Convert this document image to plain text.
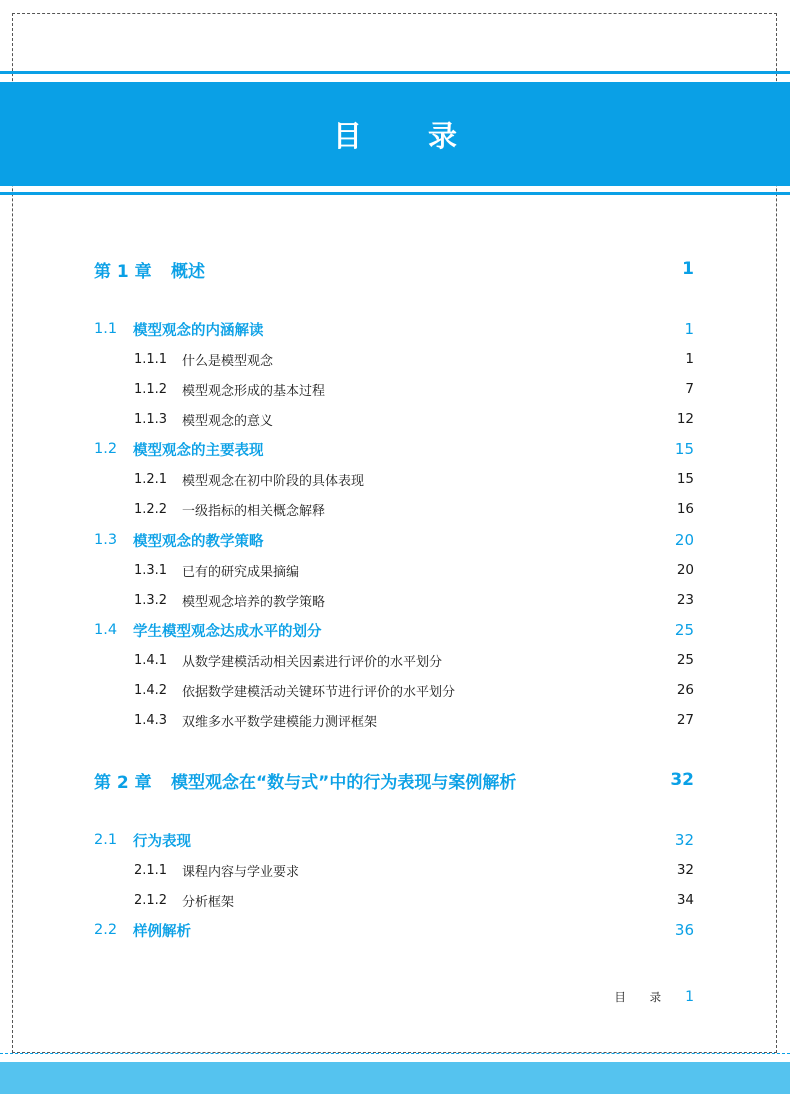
目 录
第 1 章	概述	1
1.1	模型观念的内涵解读	1
1.1.1	什么是模型观念	1
1.1.2	模型观念形成的基本过程	7
1.1.3	模型观念的意义	12
1.2	模型观念的主要表现	15
1.2.1	模型观念在初中阶段的具体表现	15
1.2.2	一级指标的相关概念解释	16
1.3	模型观念的教学策略	20
1.3.1	已有的研究成果摘编	20
1.3.2	模型观念培养的教学策略	23
1.4	学生模型观念达成水平的划分	25
1.4.1	从数学建模活动相关因素进行评价的水平划分	25
1.4.2	依据数学建模活动关键环节进行评价的水平划分	26
1.4.3	双维多水平数学建模能力测评框架	27
第 2 章	模型观念在“数与式”中的行为表现与案例解析	32
2.1	行为表现	32
2.1.1	课程内容与学业要求	32
2.1.2	分析框架	34
2.2	样例解析	36
目 录 1
